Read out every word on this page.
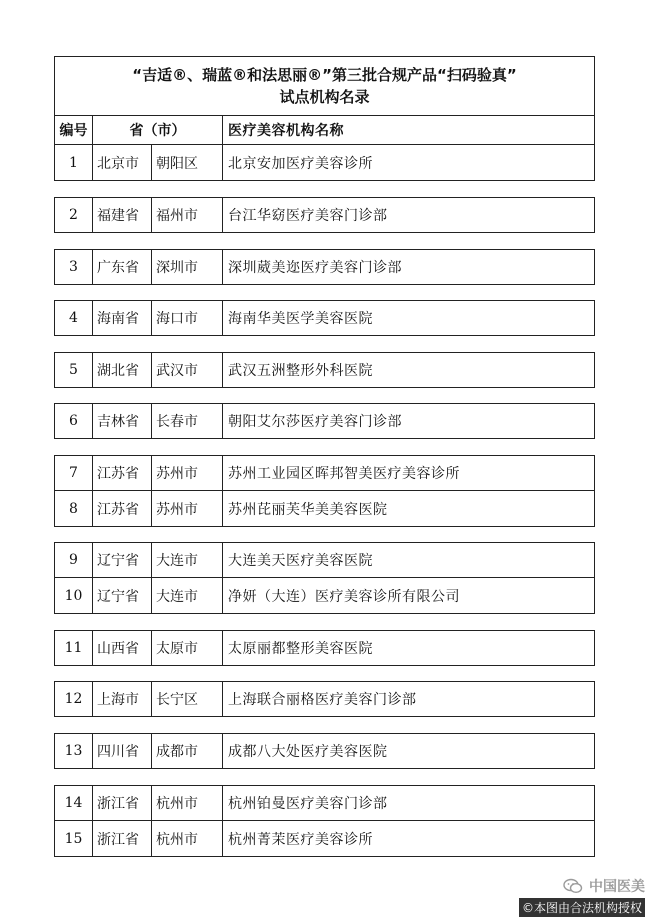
“吉适®、瑞蓝®和法思丽®”第三批合规产品“扫码验真”
试点机构名录
编号	省（市）	医疗美容机构名称
1	北京市	朝阳区	北京安加医疗美容诊所
2	福建省	福州市	台江华窈医疗美容门诊部
3	广东省	深圳市	深圳葳美迩医疗美容门诊部
4	海南省	海口市	海南华美医学美容医院
5	湖北省	武汉市	武汉五洲整形外科医院
6	吉林省	长春市	朝阳艾尔莎医疗美容门诊部
7	江苏省	苏州市	苏州工业园区晖邦智美医疗美容诊所
8	江苏省	苏州市	苏州芘丽芙华美美容医院
9	辽宁省	大连市	大连美天医疗美容医院
10	辽宁省	大连市	净妍（大连）医疗美容诊所有限公司
11	山西省	太原市	太原丽都整形美容医院
12	上海市	长宁区	上海联合丽格医疗美容门诊部
13	四川省	成都市	成都八大处医疗美容医院
14	浙江省	杭州市	杭州铂曼医疗美容门诊部
15	浙江省	杭州市	杭州菁茉医疗美容诊所
中国医美
©本图由合法机构授权
